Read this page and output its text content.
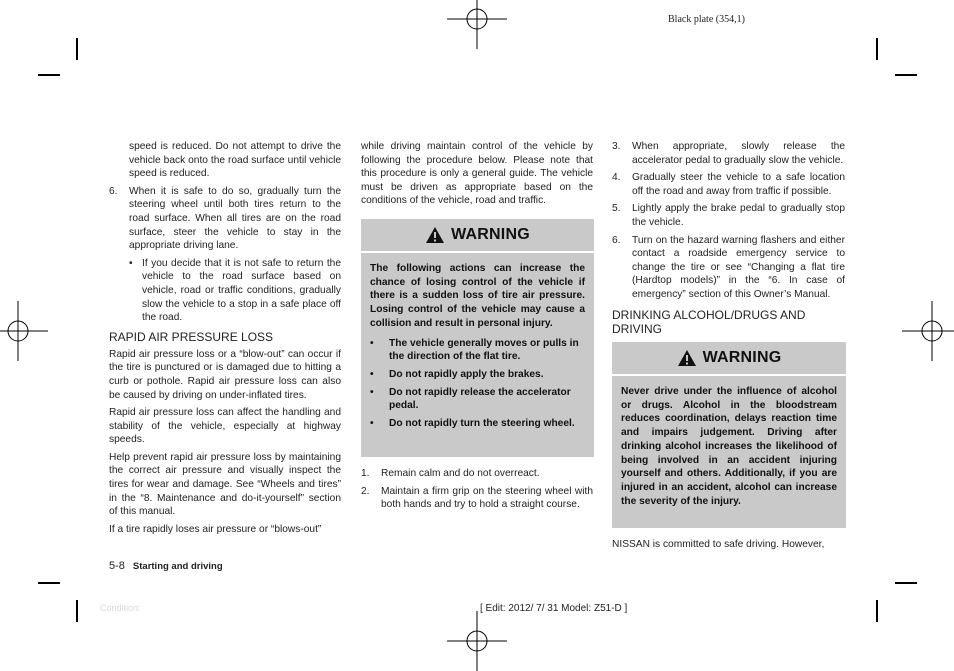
Black plate (354,1)

speed is reduced. Do not attempt to drive the vehicle back onto the road surface until vehicle speed is reduced.

6. When it is safe to do so, gradually turn the steering wheel until both tires return to the road surface. When all tires are on the road surface, steer the vehicle to stay in the appropriate driving lane.
• If you decide that it is not safe to return the vehicle to the road surface based on vehicle, road or traffic conditions, gradually slow the vehicle to a stop in a safe place off the road.
RAPID AIR PRESSURE LOSS

Rapid air pressure loss or a “blow-out” can occur if the tire is punctured or is damaged due to hitting a curb or pothole. Rapid air pressure loss can also be caused by driving on under-inflated tires.

Rapid air pressure loss can affect the handling and stability of the vehicle, especially at highway speeds.

Help prevent rapid air pressure loss by maintaining the correct air pressure and visually inspect the tires for wear and damage. See “Wheels and tires” in the “8. Maintenance and do-it-yourself” section of this manual.

If a tire rapidly loses air pressure or “blows-out”

while driving maintain control of the vehicle by following the procedure below. Please note that this procedure is only a general guide. The vehicle must be driven as appropriate based on the conditions of the vehicle, road and traffic.

WARNING

The following actions can increase the chance of losing control of the vehicle if there is a sudden loss of tire air pressure. Losing control of the vehicle may cause a collision and result in personal injury.

• The vehicle generally moves or pulls in the direction of the flat tire.
• Do not rapidly apply the brakes.
• Do not rapidly release the accelerator pedal.
• Do not rapidly turn the steering wheel.
1. Remain calm and do not overreact.
2. Maintain a firm grip on the steering wheel with both hands and try to hold a straight course.
3. When appropriate, slowly release the accelerator pedal to gradually slow the vehicle.
4. Gradually steer the vehicle to a safe location off the road and away from traffic if possible.
5. Lightly apply the brake pedal to gradually stop the vehicle.
6. Turn on the hazard warning flashers and either contact a roadside emergency service to change the tire or see “Changing a flat tire (Hardtop models)” in the “6. In case of emergency” section of this Owner’s Manual.
DRINKING ALCOHOL/DRUGS AND DRIVING
WARNING

Never drive under the influence of alcohol or drugs. Alcohol in the bloodstream reduces coordination, delays reaction time and impairs judgement. Driving after drinking alcohol increases the likelihood of being involved in an accident injuring yourself and others. Additionally, if you are injured in an accident, alcohol can increase the severity of the injury.

NISSAN is committed to safe driving. However,

5-8 Starting and driving
Condition:	[ Edit: 2012/ 7/ 31 Model: Z51-D ]
